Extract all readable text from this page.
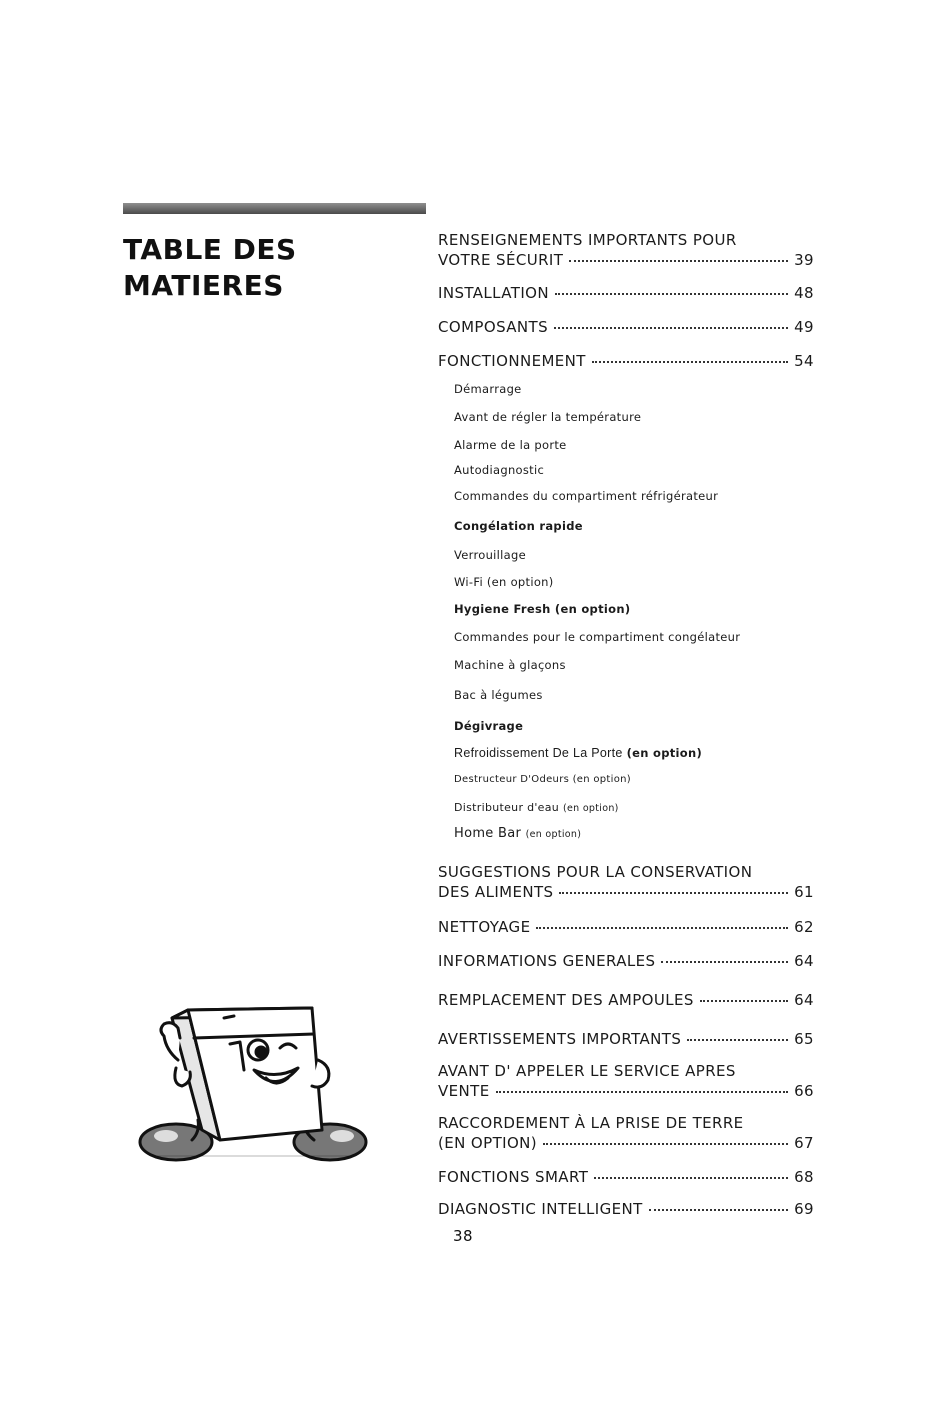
TABLE DES
MATIERES
RENSEIGNEMENTS IMPORTANTS POUR
VOTRE SÉCURIT	39
INSTALLATION	48
COMPOSANTS	49
FONCTIONNEMENT	54
Démarrage
Avant de régler la température
Alarme de la porte
Autodiagnostic
Commandes du compartiment réfrigérateur
Congélation rapide
Verrouillage
Wi-Fi (en option)
Hygiene Fresh (en option)
Commandes pour le compartiment congélateur
Machine à glaçons
Bac à légumes
Dégivrage
Refroidissement De La Porte (en option)
Destructeur D'Odeurs (en option)
Distributeur d'eau (en option)
Home Bar (en option)
SUGGESTIONS POUR LA CONSERVATION
DES ALIMENTS	61
NETTOYAGE	62
INFORMATIONS GENERALES	64
REMPLACEMENT DES AMPOULES	64
AVERTISSEMENTS IMPORTANTS	65
AVANT D' APPELER LE SERVICE APRES
VENTE	66
RACCORDEMENT À LA PRISE DE TERRE
(EN OPTION)	67
FONCTIONS SMART	68
DIAGNOSTIC INTELLIGENT	69
38
